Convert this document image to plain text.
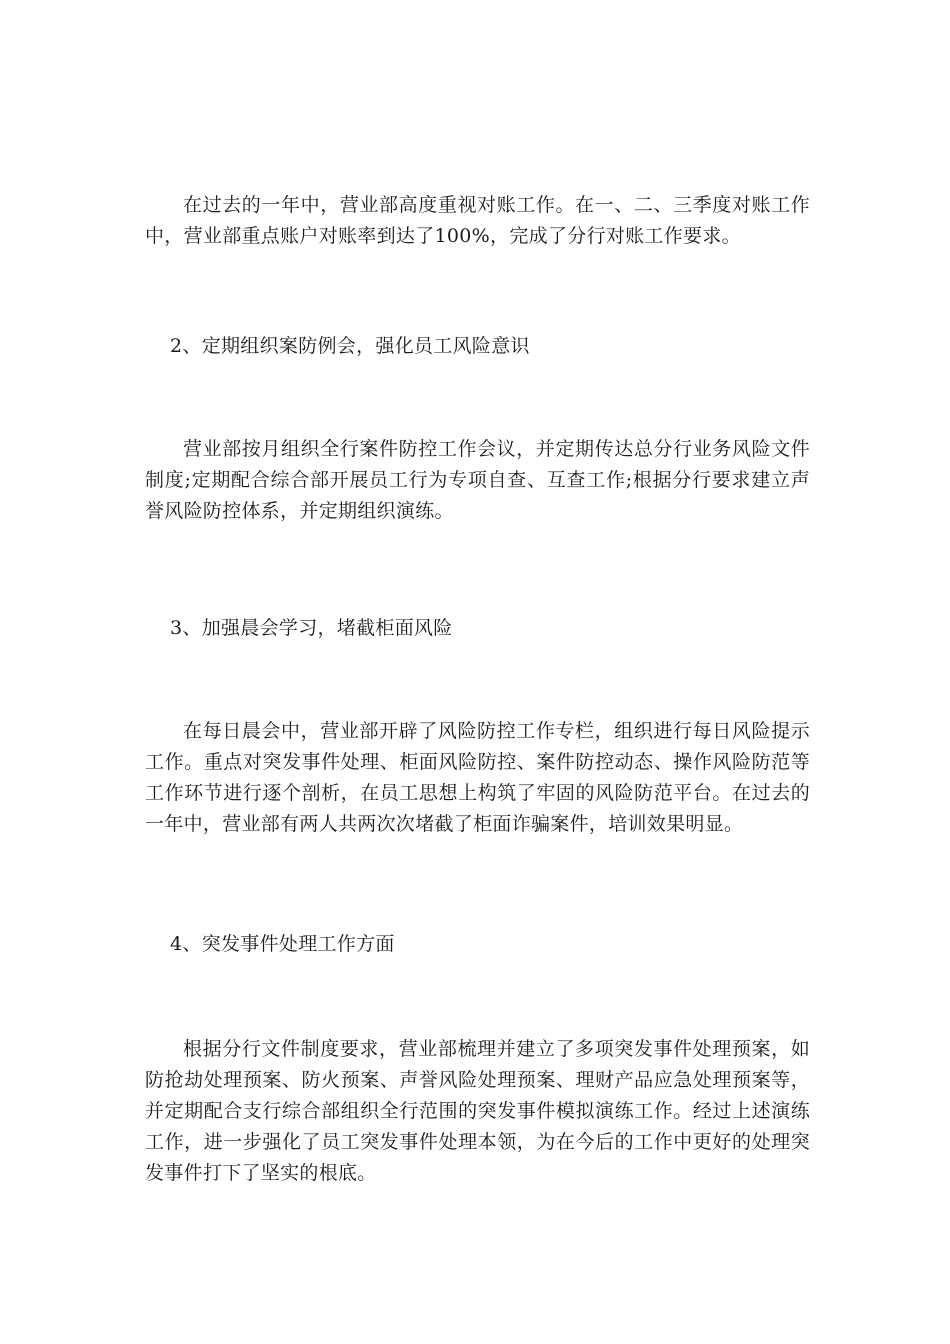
在过去的一年中，营业部高度重视对账工作。在一、二、三季度对账工作中，营业部重点账户对账率到达了100%，完成了分行对账工作要求。

2、定期组织案防例会，强化员工风险意识

营业部按月组织全行案件防控工作会议，并定期传达总分行业务风险文件制度;定期配合综合部开展员工行为专项自查、互查工作;根据分行要求建立声誉风险防控体系，并定期组织演练。

3、加强晨会学习，堵截柜面风险

在每日晨会中，营业部开辟了风险防控工作专栏，组织进行每日风险提示工作。重点对突发事件处理、柜面风险防控、案件防控动态、操作风险防范等工作环节进行逐个剖析，在员工思想上构筑了牢固的风险防范平台。在过去的一年中，营业部有两人共两次次堵截了柜面诈骗案件，培训效果明显。

4、突发事件处理工作方面

根据分行文件制度要求，营业部梳理并建立了多项突发事件处理预案，如防抢劫处理预案、防火预案、声誉风险处理预案、理财产品应急处理预案等，并定期配合支行综合部组织全行范围的突发事件模拟演练工作。经过上述演练工作，进一步强化了员工突发事件处理本领，为在今后的工作中更好的处理突发事件打下了坚实的根底。
